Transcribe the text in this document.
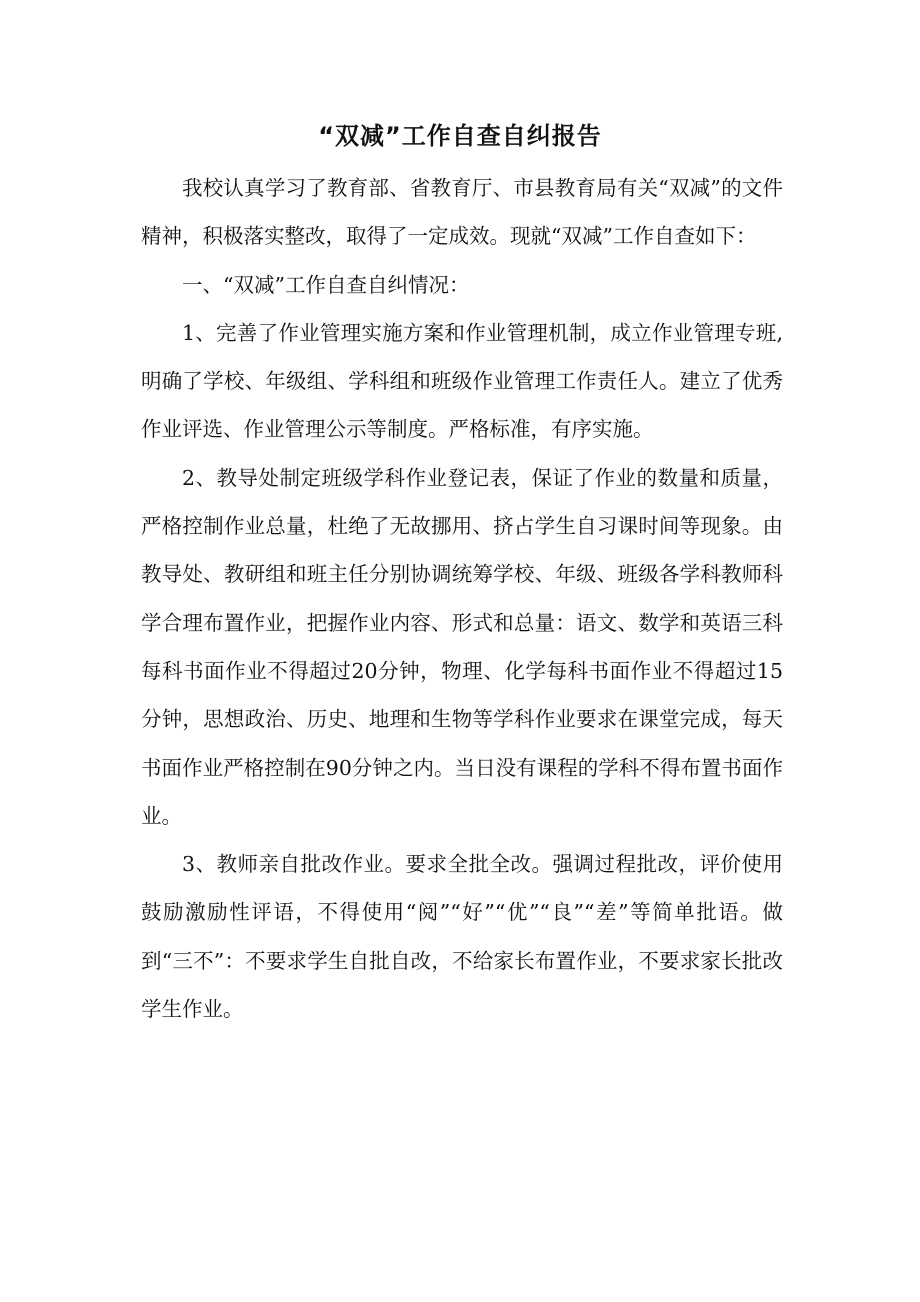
“双减”工作自查自纠报告

我校认真学习了教育部、省教育厅、市县教育局有关“双减”的文件精神，积极落实整改，取得了一定成效。现就“双减”工作自查如下：

一、“双减”工作自查自纠情况：

1、完善了作业管理实施方案和作业管理机制，成立作业管理专班,明确了学校、年级组、学科组和班级作业管理工作责任人。建立了优秀作业评选、作业管理公示等制度。严格标准，有序实施。

2、教导处制定班级学科作业登记表，保证了作业的数量和质量，严格控制作业总量，杜绝了无故挪用、挤占学生自习课时间等现象。由教导处、教研组和班主任分别协调统筹学校、年级、班级各学科教师科学合理布置作业，把握作业内容、形式和总量：语文、数学和英语三科每科书面作业不得超过20分钟，物理、化学每科书面作业不得超过15分钟，思想政治、历史、地理和生物等学科作业要求在课堂完成，每天书面作业严格控制在90分钟之内。当日没有课程的学科不得布置书面作业。

3、教师亲自批改作业。要求全批全改。强调过程批改，评价使用鼓励激励性评语，不得使用“阅”“好”“优”“良”“差”等简单批语。做到“三不”：不要求学生自批自改，不给家长布置作业，不要求家长批改学生作业。
